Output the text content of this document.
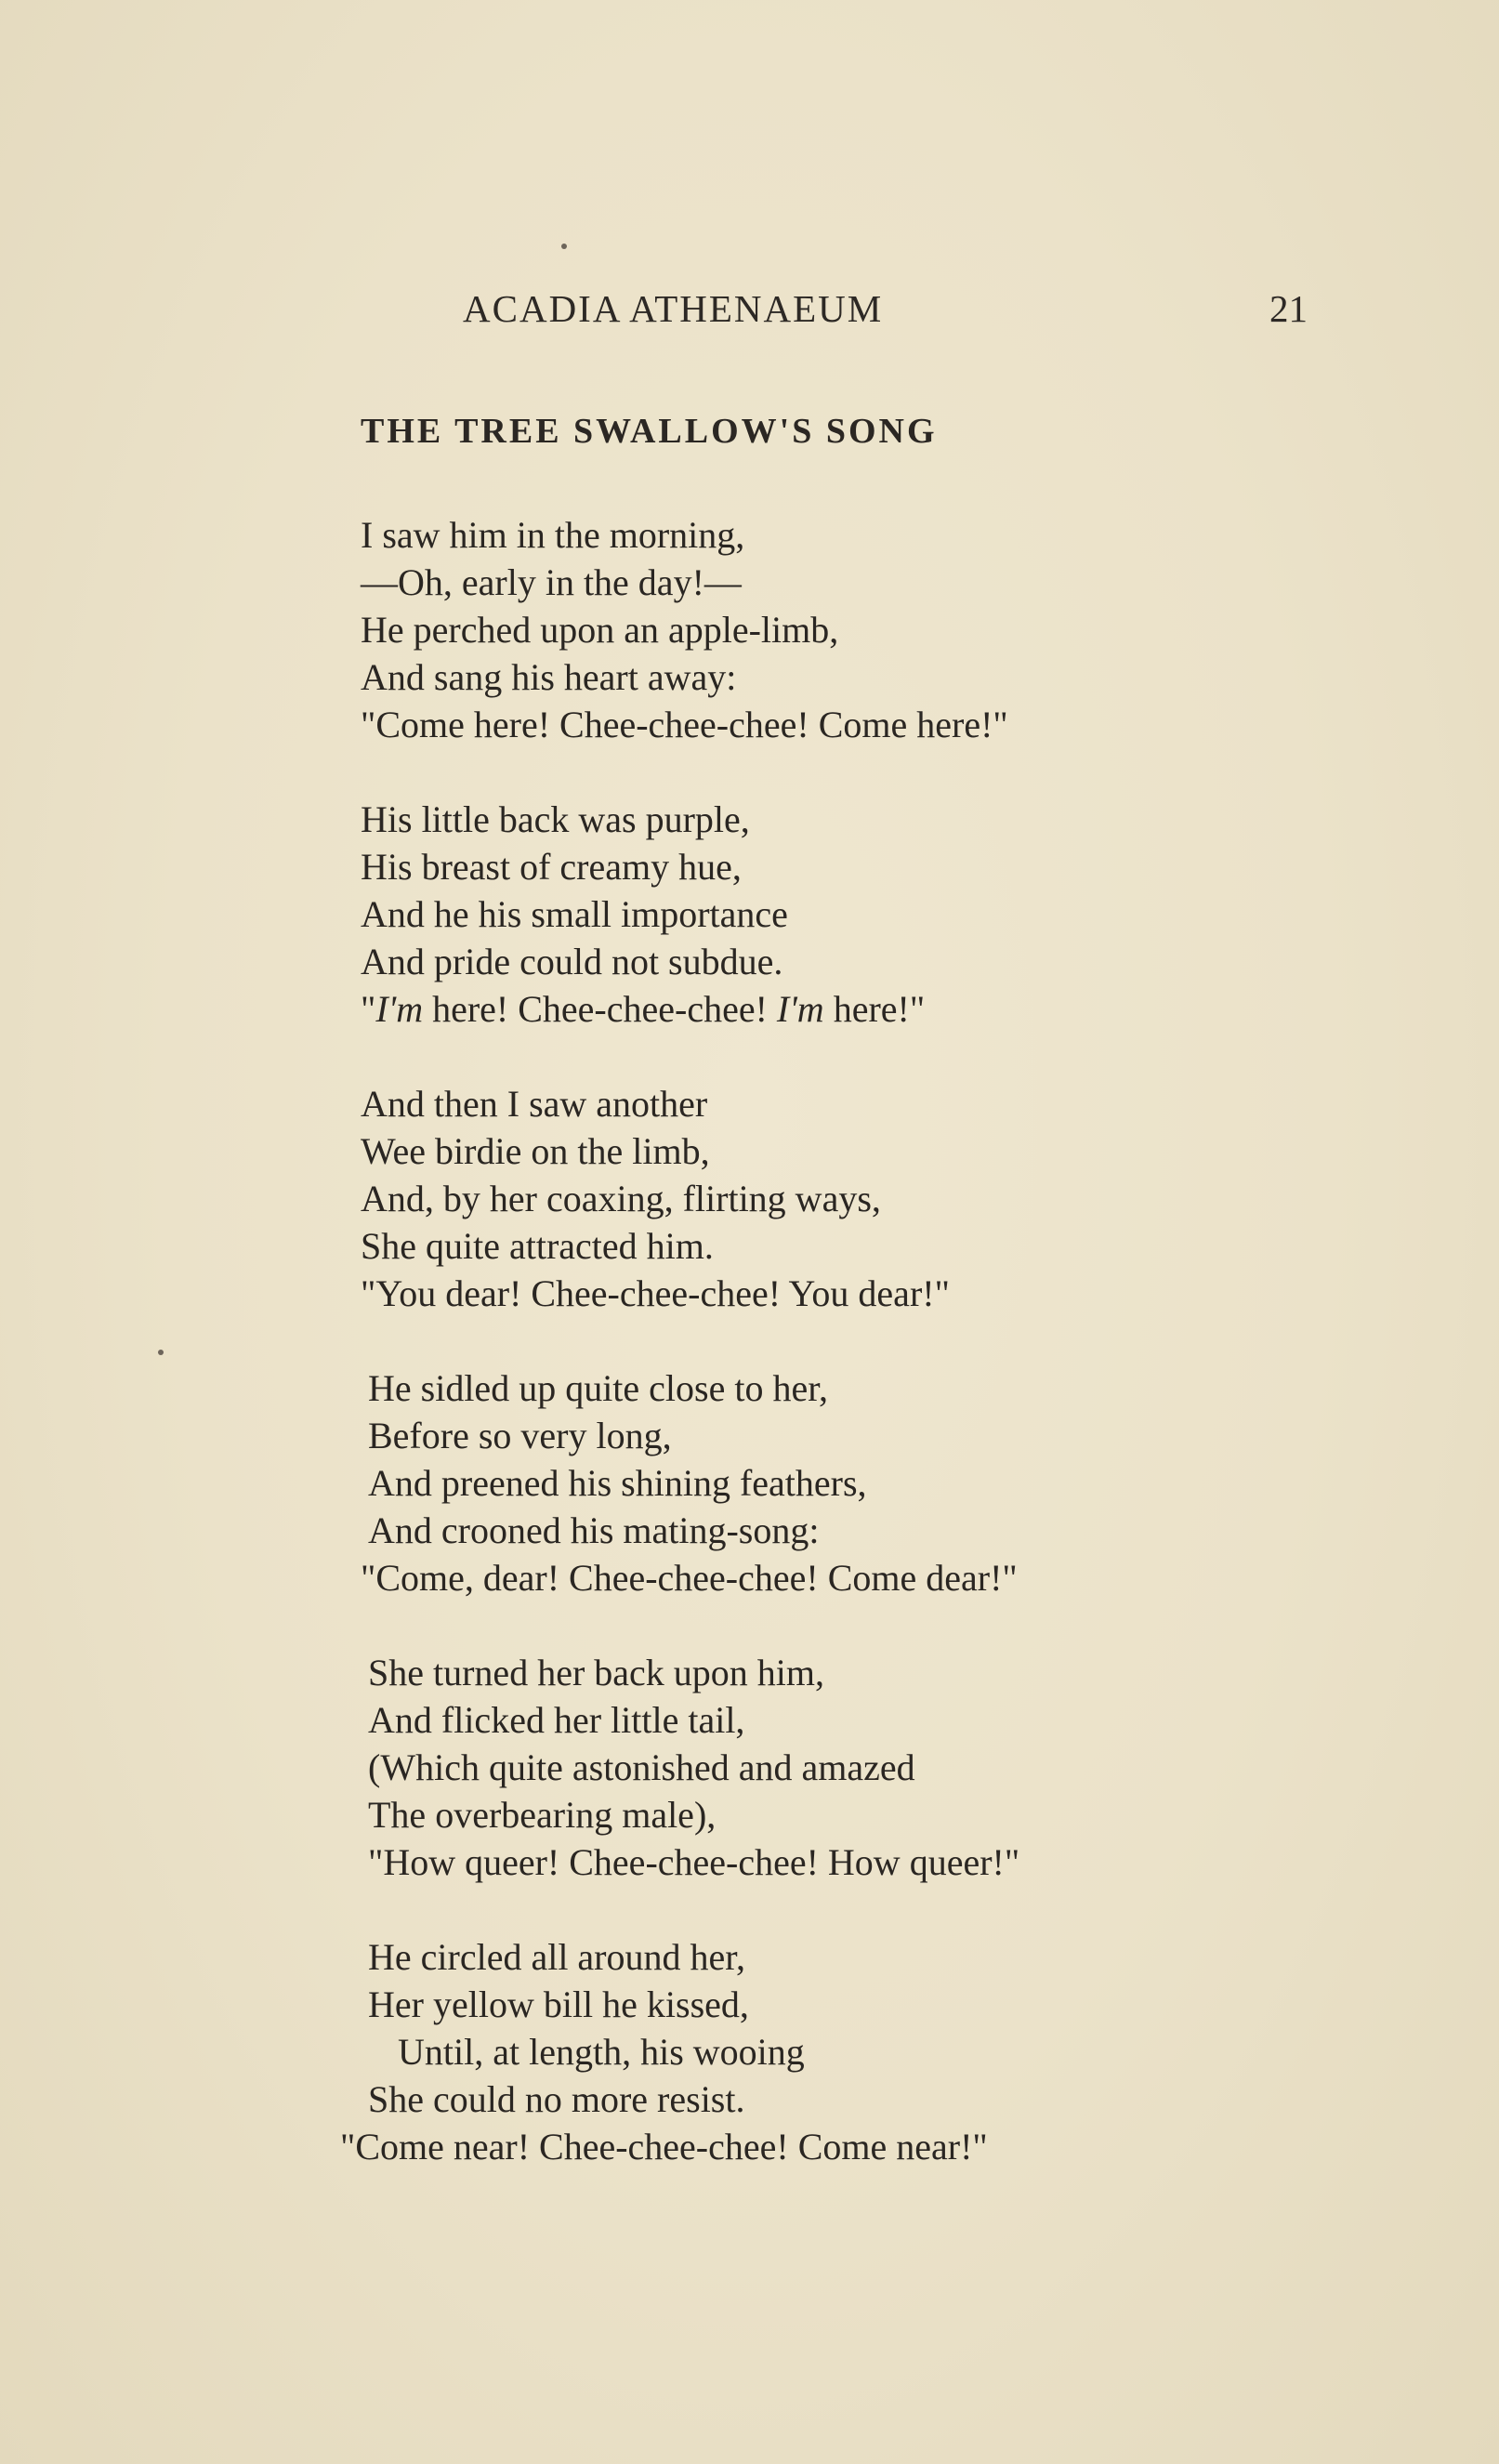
ACADIA ATHENAEUM	21
THE TREE SWALLOW'S SONG
I saw him in the morning,
—Oh, early in the day!—
He perched upon an apple-limb,
And sang his heart away:
"Come here! Chee-chee-chee! Come here!"
His little back was purple,
His breast of creamy hue,
And he his small importance
And pride could not subdue.
"I'm here! Chee-chee-chee! I'm here!"
And then I saw another
Wee birdie on the limb,
And, by her coaxing, flirting ways,
She quite attracted him.
"You dear! Chee-chee-chee! You dear!"
He sidled up quite close to her,
Before so very long,
And preened his shining feathers,
And crooned his mating-song:
"Come, dear! Chee-chee-chee! Come dear!"
She turned her back upon him,
And flicked her little tail,
(Which quite astonished and amazed
The overbearing male),
"How queer! Chee-chee-chee! How queer!"
He circled all around her,
Her yellow bill he kissed,
Until, at length, his wooing
She could no more resist.
"Come near! Chee-chee-chee! Come near!"
